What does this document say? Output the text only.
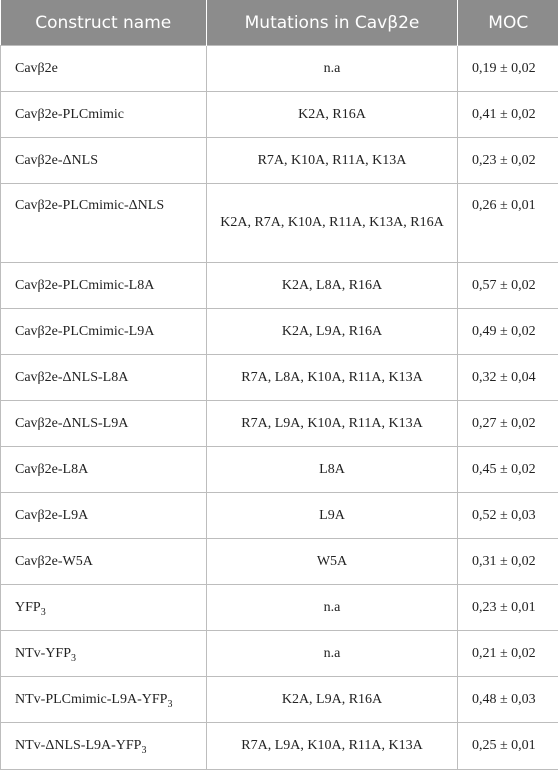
Construct name	Mutations in Cavβ2e	MOC
Cavβ2e	n.a	0,19 ± 0,02
Cavβ2e-PLCmimic	K2A, R16A	0,41 ± 0,02
Cavβ2e-ΔNLS	R7A, K10A, R11A, K13A	0,23 ± 0,02
Cavβ2e-PLCmimic-ΔNLS	K2A, R7A, K10A, R11A, K13A, R16A	0,26 ± 0,01
Cavβ2e-PLCmimic-L8A	K2A, L8A, R16A	0,57 ± 0,02
Cavβ2e-PLCmimic-L9A	K2A, L9A, R16A	0,49 ± 0,02
Cavβ2e-ΔNLS-L8A	R7A, L8A, K10A, R11A, K13A	0,32 ± 0,04
Cavβ2e-ΔNLS-L9A	R7A, L9A, K10A, R11A, K13A	0,27 ± 0,02
Cavβ2e-L8A	L8A	0,45 ± 0,02
Cavβ2e-L9A	L9A	0,52 ± 0,03
Cavβ2e-W5A	W5A	0,31 ± 0,02
$YFP_3$	n.a	0,23 ± 0,01
NTv-$YFP_3$	n.a	0,21 ± 0,02
NTv-$PLCmimic-L9A-YFP_3$	K2A, L9A, R16A	0,48 ± 0,03
NTv-$\Delta NLS-L9A-YFP_3$	R7A, L9A, K10A, R11A, K13A	0,25 ± 0,01
